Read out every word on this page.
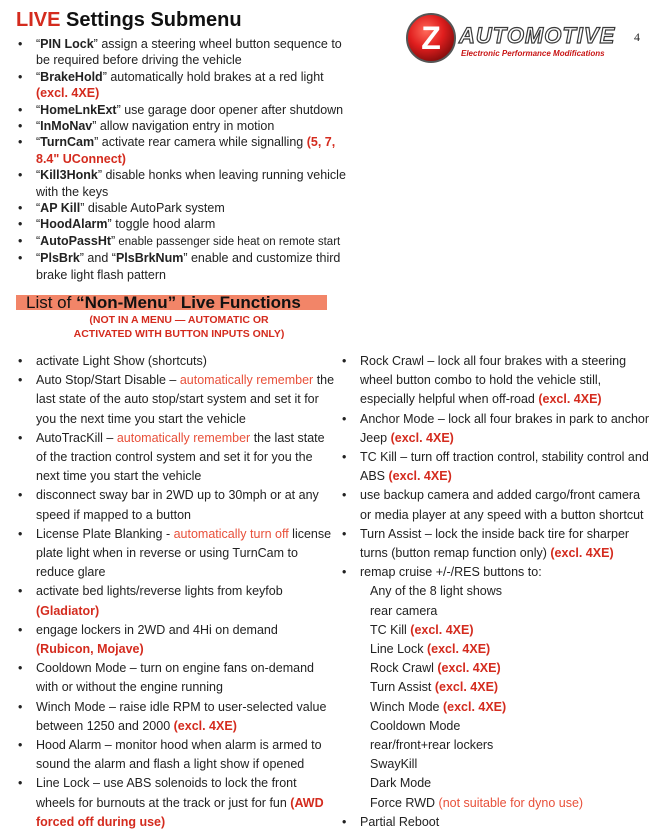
LIVE Settings Submenu	Z AUTOMOTIVE
Electronic Performance Modifications
4
• “PIN Lock” assign a steering wheel button sequence to be required before driving the vehicle
• “BrakeHold” automatically hold brakes at a red light (excl. 4XE)
• “HomeLnkExt” use garage door opener after shutdown
• “InMoNav” allow navigation entry in motion
• “TurnCam” activate rear camera while signalling (5, 7, 8.4" UConnect)
• “Kill3Honk” disable honks when leaving running vehicle with the keys
• “AP Kill” disable AutoPark system
• “HoodAlarm” toggle hood alarm
• “AutoPassHt” enable passenger side heat on remote start
• “PlsBrk” and “PlsBrkNum” enable and customize third brake light flash pattern
List of “Non-Menu” Live Functions
(NOT IN A MENU — AUTOMATIC OR
ACTIVATED WITH BUTTON INPUTS ONLY)
• activate Light Show (shortcuts)
• Auto Stop/Start Disable – automatically remember the last state of the auto stop/start system and set it for you the next time you start the vehicle
• AutoTracKill – automatically remember the last state of the traction control system and set it for you the next time you start the vehicle
• disconnect sway bar in 2WD up to 30mph or at any speed if mapped to a button
• License Plate Blanking - automatically turn off license plate light when in reverse or using TurnCam to reduce glare
• activate bed lights/reverse lights from keyfob (Gladiator)
• engage lockers in 2WD and 4Hi on demand (Rubicon, Mojave)
• Cooldown Mode – turn on engine fans on-demand with or without the engine running
• Winch Mode – raise idle RPM to user-selected value between 1250 and 2000 (excl. 4XE)
• Hood Alarm – monitor hood when alarm is armed to sound the alarm and flash a light show if opened
• Line Lock – use ABS solenoids to lock the front wheels for burnouts at the track or just for fun (AWD forced off during use)
• Rock Crawl – lock all four brakes with a steering wheel button combo to hold the vehicle still, especially helpful when off-road (excl. 4XE)
• Anchor Mode – lock all four brakes in park to anchor Jeep (excl. 4XE)
• TC Kill – turn off traction control, stability control and ABS (excl. 4XE)
• use backup camera and added cargo/front camera or media player at any speed with a button shortcut
• Turn Assist – lock the inside back tire for sharper turns (button remap function only) (excl. 4XE)
• remap cruise +/-/RES buttons to:
Any of the 8 light shows
rear camera
TC Kill (excl. 4XE)
Line Lock (excl. 4XE)
Rock Crawl (excl. 4XE)
Turn Assist (excl. 4XE)
Winch Mode (excl. 4XE)
Cooldown Mode
rear/front+rear lockers
SwayKill
Dark Mode
Force RWD (not suitable for dyno use)
• Partial Reboot
